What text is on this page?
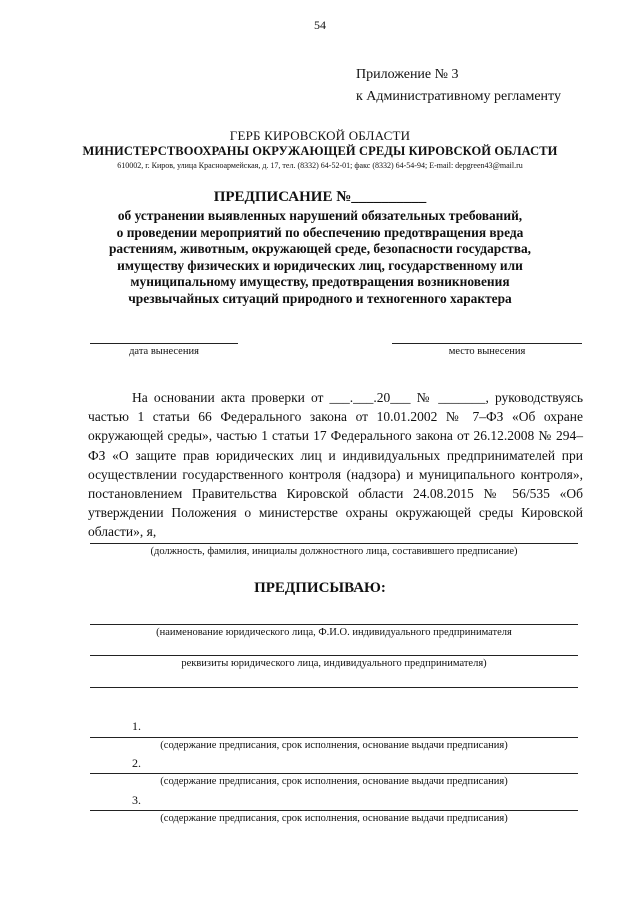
54
Приложение № 3
к Административному регламенту
ГЕРБ КИРОВСКОЙ ОБЛАСТИ
МИНИСТЕРСТВООХРАНЫ ОКРУЖАЮЩЕЙ СРЕДЫ КИРОВСКОЙ ОБЛАСТИ
610002, г. Киров, улица Красноармейская, д. 17, тел. (8332) 64-52-01; факс (8332) 64-54-94; E-mail: depgreen43@mail.ru
ПРЕДПИСАНИЕ №__________
об устранении выявленных нарушений обязательных требований,
о проведении мероприятий по обеспечению предотвращения вреда
растениям, животным, окружающей среде, безопасности государства,
имуществу физических и юридических лиц, государственному или
муниципальному имуществу, предотвращения возникновения
чрезвычайных ситуаций природного и техногенного характера
дата вынесения	место вынесения
На основании акта проверки от ___.___.20___ № _______, руководствуясь частью 1 статьи 66 Федерального закона от 10.01.2002 № 7–ФЗ «Об охране окружающей среды», частью 1 статьи 17 Федерального закона от 26.12.2008 № 294–ФЗ «О защите прав юридических лиц и индивидуальных предпринимателей при осуществлении государственного контроля (надзора) и муниципального контроля», постановлением Правительства Кировской области 24.08.2015 № 56/535 «Об утверждении Положения о министерстве охраны окружающей среды Кировской области», я,
(должность, фамилия, инициалы должностного лица, составившего предписание)
ПРЕДПИСЫВАЮ:
(наименование юридического лица, Ф.И.О. индивидуального предпринимателя
реквизиты юридического лица, индивидуального предпринимателя)
1.
(содержание предписания, срок исполнения, основание выдачи предписания)
2.
(содержание предписания, срок исполнения, основание выдачи предписания)
3.
(содержание предписания, срок исполнения, основание выдачи предписания)
